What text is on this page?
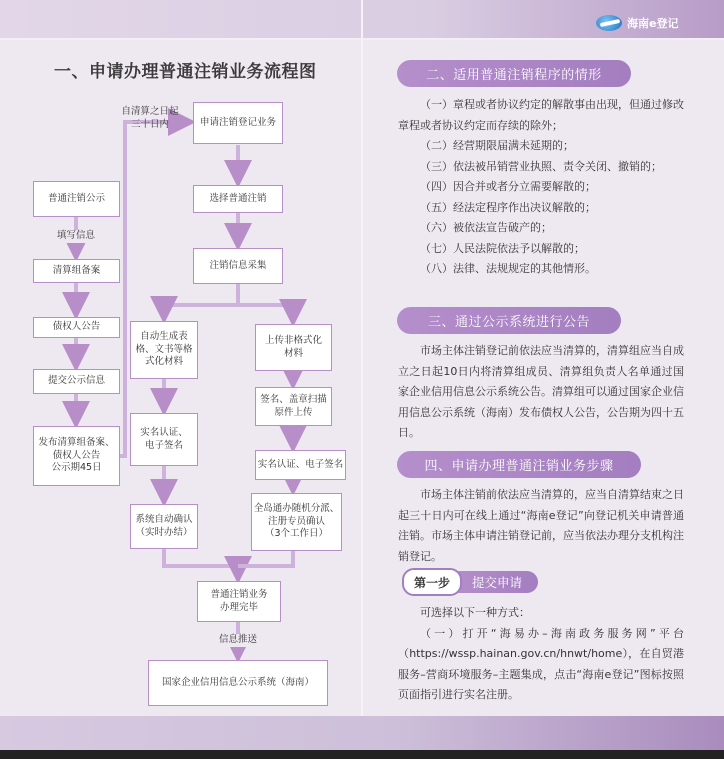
海南e登记
一、申请办理普通注销业务流程图
自清算之日起
三十日内	申请注销登记业务
选择普通注销
注销信息采集
自动生成表
格、文书等格
式化材料
上传非格式化
材料
实名认证、
电子签名
签名、盖章扫描
原件上传
实名认证、电子签名
系统自动确认
（实时办结）
全岛通办随机分派、
注册专员确认
（3个工作日）
普通注销业务
办理完毕
信息推送
国家企业信用信息公示系统（海南）
普通注销公示
填写信息
清算组备案
债权人公告
提交公示信息
发布清算组备案、
债权人公告
公示期45日
二、适用普通注销程序的情形

（一）章程或者协议约定的解散事由出现，但通过修改章程或者协议约定而存续的除外；

（二）经营期限届满未延期的；

（三）依法被吊销营业执照、责令关闭、撤销的；

（四）因合并或者分立需要解散的；

（五）经法定程序作出决议解散的；

（六）被依法宣告破产的；

（七）人民法院依法予以解散的；

（八）法律、法规规定的其他情形。

三、通过公示系统进行公告

市场主体注销登记前依法应当清算的，清算组应当自成立之日起10日内将清算组成员、清算组负责人名单通过国家企业信用信息公示系统公告。清算组可以通过国家企业信用信息公示系统（海南）发布债权人公告，公告期为四十五日。

四、申请办理普通注销业务步骤

市场主体注销前依法应当清算的，应当自清算结束之日起三十日内可在线上通过“海南e登记”向登记机关申请普通注销。市场主体申请注销登记前，应当依法办理分支机构注销登记。

第一步	提交申请

可选择以下一种方式：

（一）打开“海易办–海南政务服务网”平台（https://wssp.hainan.gov.cn/hnwt/home），在自贸港服务–营商环境服务–主题集成，点击“海南e登记”图标按照页面指引进行实名注册。
